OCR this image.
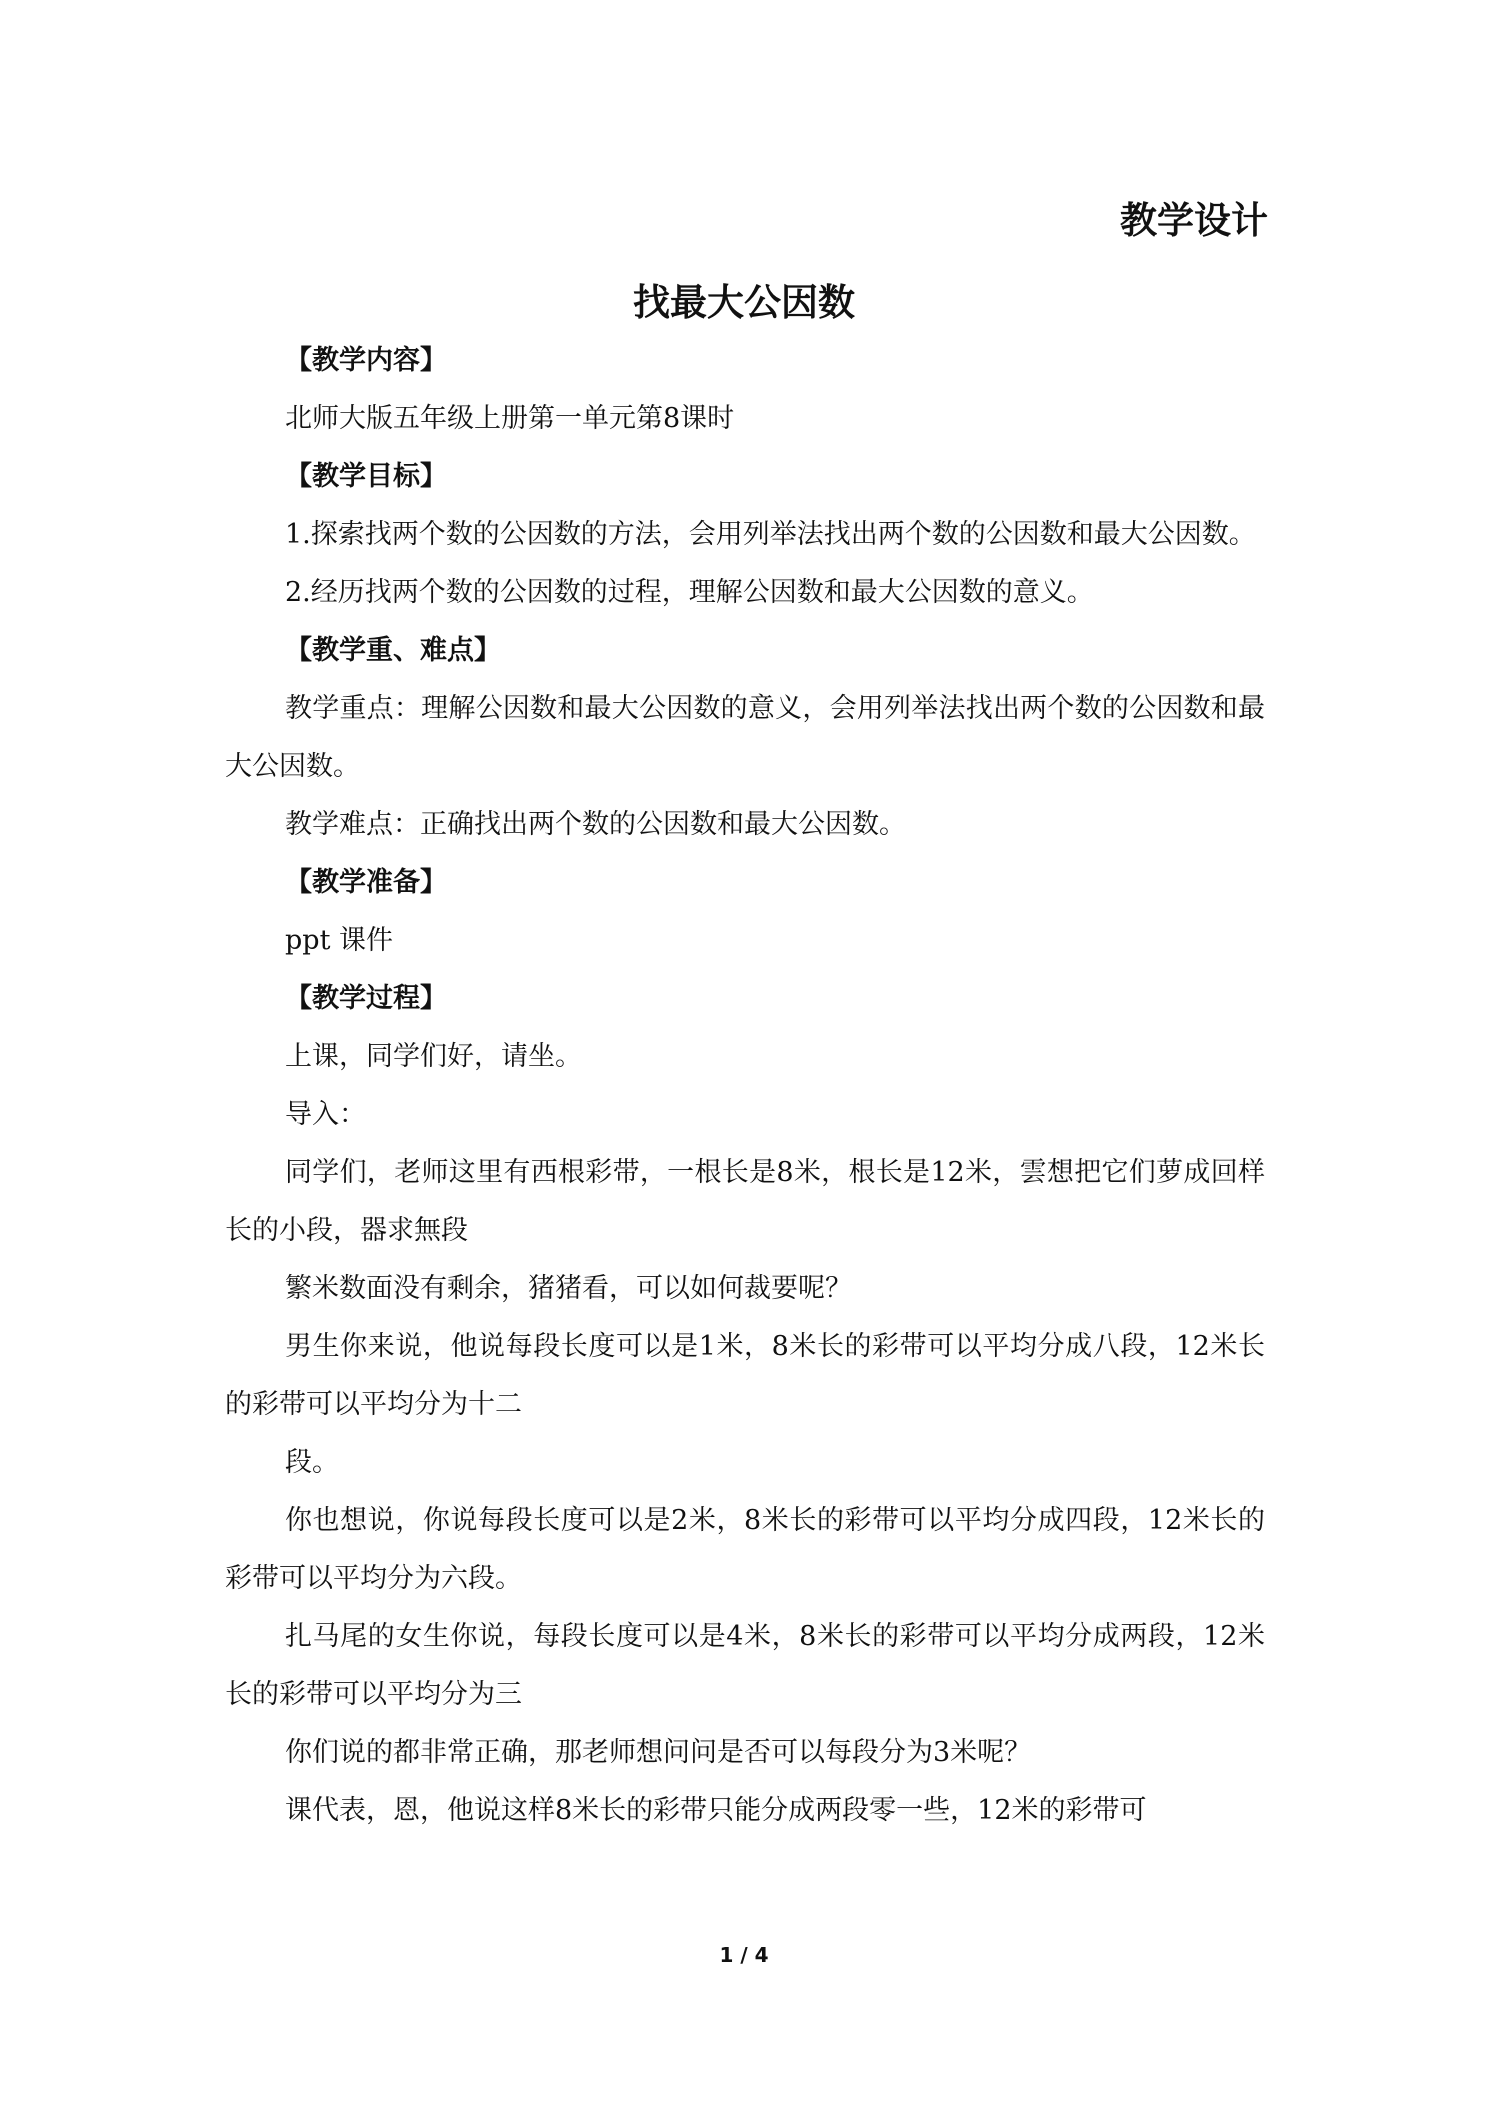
教学设计
找最大公因数
【教学内容】

北师大版五年级上册第一单元第8课时

【教学目标】

1.探索找两个数的公因数的方法，会用列举法找出两个数的公因数和最大公因数。

2.经历找两个数的公因数的过程，理解公因数和最大公因数的意义。

【教学重、难点】

教学重点：理解公因数和最大公因数的意义，会用列举法找出两个数的公因数和最大公因数。

教学难点：正确找出两个数的公因数和最大公因数。

【教学准备】

ppt 课件

【教学过程】

上课，同学们好，请坐。

导入：

同学们，老师这里有西根彩带，一根长是8米，根长是12米，雲想把它们萝成回样长的小段，器求無段

繁米数面没有剩余，猪猪看，可以如何裁要呢？

男生你来说，他说每段长度可以是1米，8米长的彩带可以平均分成八段，12米长的彩带可以平均分为十二

段。

你也想说，你说每段长度可以是2米，8米长的彩带可以平均分成四段，12米长的彩带可以平均分为六段。

扎马尾的女生你说，每段长度可以是4米，8米长的彩带可以平均分成两段，12米长的彩带可以平均分为三

你们说的都非常正确，那老师想问问是否可以每段分为3米呢？

课代表，恩，他说这样8米长的彩带只能分成两段零一些，12米的彩带可

1 / 4
